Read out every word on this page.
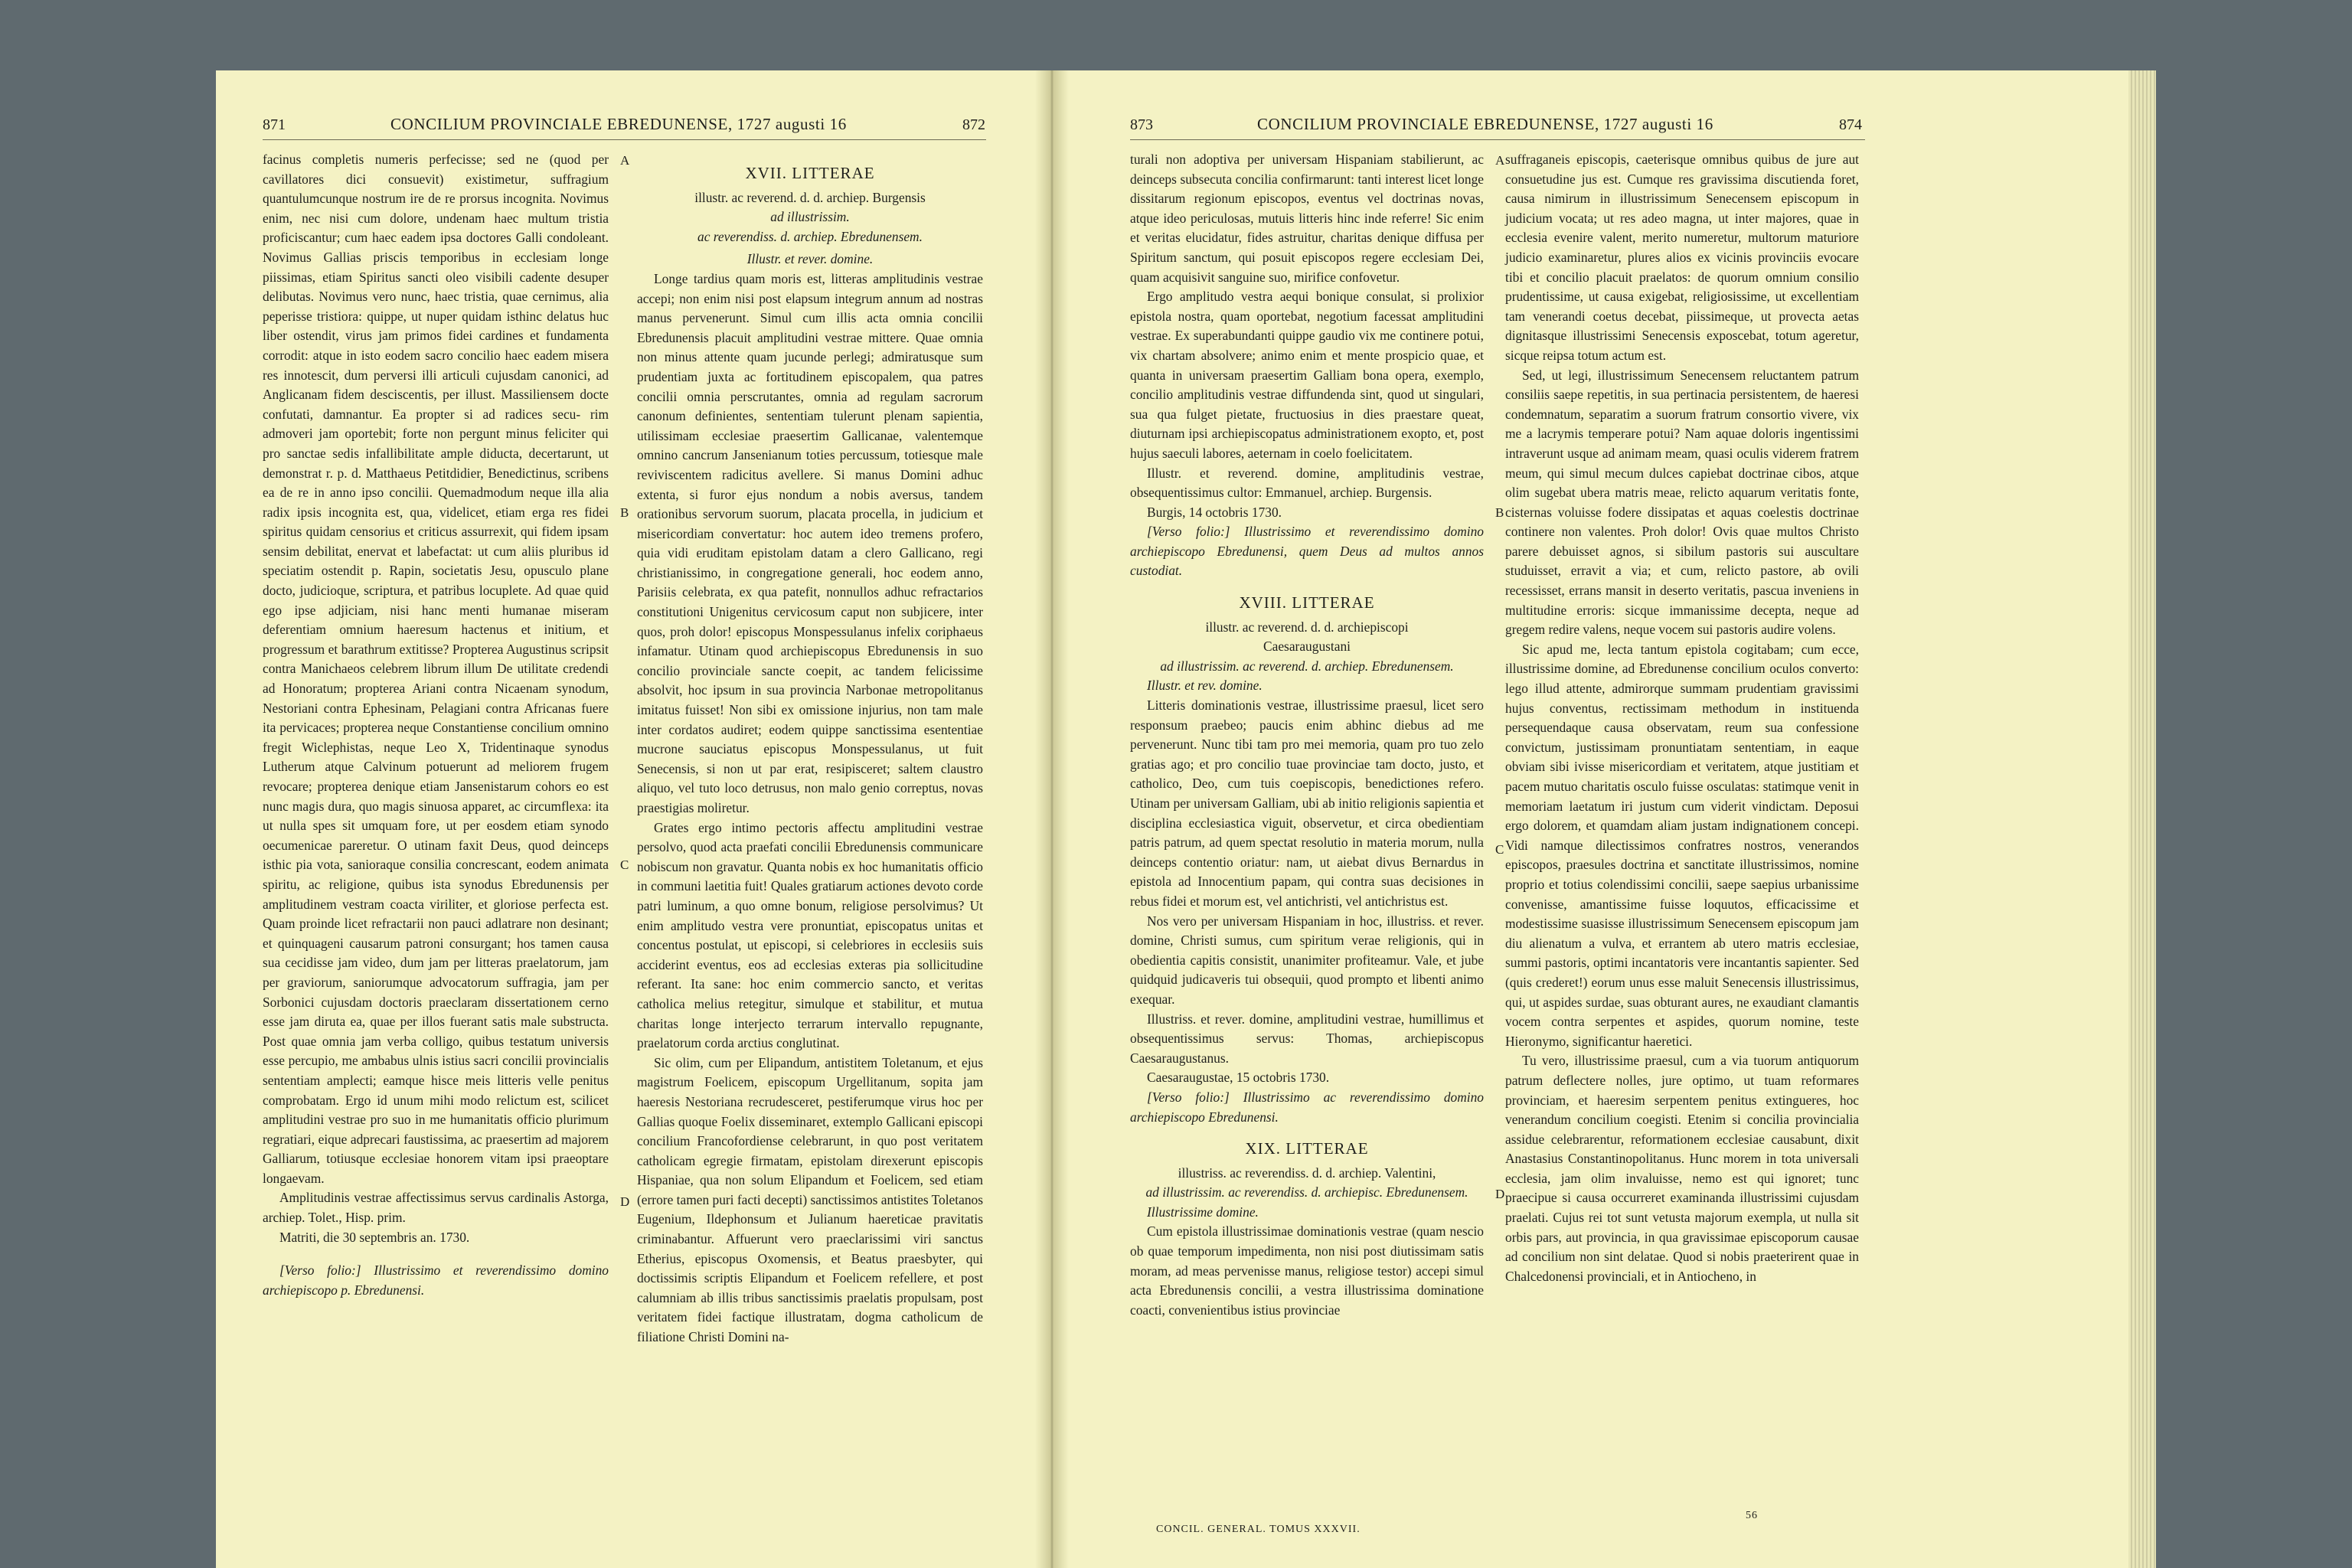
871	CONCILIUM PROVINCIALE EBREDUNENSE, 1727 augusti 16	872	873	CONCILIUM PROVINCIALE EBREDUNENSE, 1727 augusti 16	874

facinus completis numeris perfecisse; sed ne (quod per cavillatores dici consuevit) existimetur, suffragium quantulumcunque nostrum ire de re prorsus incognita. Novimus enim, nec nisi cum dolore, undenam haec multum tristia proficiscantur; cum haec eadem ipsa doctores Galli condoleant. Novimus Gallias priscis temporibus in ecclesiam longe piissimas, etiam Spiritus sancti oleo visibili cadente desuper delibutas. Novimus vero nunc, haec tristia, quae cernimus, alia peperisse tristiora: quippe, ut nuper quidam isthinc delatus huc liber ostendit, virus jam primos fidei cardines et fundamenta corrodit: atque in isto eodem sacro concilio haec eadem misera res innotescit, dum perversi illi articuli cujusdam canonici, ad Anglicanam fidem desciscentis, per illust. Massiliensem docte confutati, damnantur. Ea propter si ad radices secu- rim admoveri jam oportebit; forte non pergunt minus feliciter qui pro sanctae sedis infallibilitate ample diducta, decertarunt, ut demonstrat r. p. d. Matthaeus Petitdidier, Benedictinus, scribens ea de re in anno ipso concilii. Quemadmodum neque illa alia radix ipsis incognita est, qua, videlicet, etiam erga res fidei spiritus quidam censorius et criticus assurrexit, qui fidem ipsam sensim debilitat, enervat et labefactat: ut cum aliis pluribus id speciatim ostendit p. Rapin, societatis Jesu, opusculo plane docto, judicioque, scriptura, et patribus locuplete. Ad quae quid ego ipse adjiciam, nisi hanc menti humanae miseram deferentiam omnium haeresum hactenus et initium, et progressum et barathrum extitisse? Propterea Augustinus scripsit contra Manichaeos celebrem librum illum De utilitate credendi ad Honoratum; propterea Ariani contra Nicaenam synodum, Nestoriani contra Ephesinam, Pelagiani contra Africanas fuere ita pervicaces; propterea neque Constantiense concilium omnino fregit Wiclephistas, neque Leo X, Tridentinaque synodus Lutherum atque Calvinum potuerunt ad meliorem frugem revocare; propterea denique etiam Jansenistarum cohors eo est nunc magis dura, quo magis sinuosa apparet, ac circumflexa: ita ut nulla spes sit umquam fore, ut per eosdem etiam synodo oecumenicae pareretur. O utinam faxit Deus, quod deinceps isthic pia vota, sanioraque consilia concrescant, eodem animata spiritu, ac religione, quibus ista synodus Ebredunensis per amplitudinem vestram coacta viriliter, et gloriose perfecta est. Quam proinde licet refractarii non pauci adlatrare non desinant; et quinquageni causarum patroni consurgant; hos tamen causa sua cecidisse jam video, dum jam per litteras praelatorum, jam per graviorum, saniorumque advocatorum suffragia, jam per Sorbonici cujusdam doctoris praeclaram dissertationem cerno esse jam diruta ea, quae per illos fuerant satis male substructa. Post quae omnia jam verba colligo, quibus testatum universis esse percupio, me ambabus ulnis istius sacri concilii provincialis sententiam amplecti; eamque hisce meis litteris velle penitus comprobatam. Ergo id unum mihi modo relictum est, scilicet amplitudini vestrae pro suo in me humanitatis officio plurimum regratiari, eique adprecari faustissima, ac praesertim ad majorem Galliarum, totiusque ecclesiae honorem vitam ipsi praeoptare longaevam.

Amplitudinis vestrae affectissimus servus cardinalis Astorga, archiep. Tolet., Hisp. prim.

Matriti, die 30 septembris an. 1730.

[Verso folio:] Illustrissimo et reverendissimo domino archiepiscopo p. Ebredunensi.

XVII. LITTERAE

illustr. ac reverend. d. d. archiep. Burgensis

ad illustrissim.

ac reverendiss. d. archiep. Ebredunensem.

Illustr. et rever. domine.

Longe tardius quam moris est, litteras amplitudinis vestrae accepi; non enim nisi post elapsum integrum annum ad nostras manus pervenerunt. Simul cum illis acta omnia concilii Ebredunensis placuit amplitudini vestrae mittere. Quae omnia non minus attente quam jucunde perlegi; admiratusque sum prudentiam juxta ac fortitudinem episcopalem, qua patres concilii omnia perscrutantes, omnia ad regulam sacrorum canonum definientes, sententiam tulerunt plenam sapientia, utilissimam ecclesiae praesertim Gallicanae, valentemque omnino cancrum Jansenianum toties percussum, totiesque male reviviscentem radicitus avellere. Si manus Domini adhuc extenta, si furor ejus nondum a nobis aversus, tandem orationibus servorum suorum, placata procella, in judicium et misericordiam convertatur: hoc autem ideo tremens profero, quia vidi eruditam epistolam datam a clero Gallicano, regi christianissimo, in congregatione generali, hoc eodem anno, Parisiis celebrata, ex qua patefit, nonnullos adhuc refractarios constitutioni Unigenitus cervicosum caput non subjicere, inter quos, proh dolor! episcopus Monspessulanus infelix coriphaeus infamatur. Utinam quod archiepiscopus Ebredunensis in suo concilio provinciale sancte coepit, ac tandem felicissime absolvit, hoc ipsum in sua provincia Narbonae metropolitanus imitatus fuisset! Non sibi ex omissione injurius, non tam male inter cordatos audiret; eodem quippe sanctissima esententiae mucrone sauciatus episcopus Monspessulanus, ut fuit Senecensis, si non ut par erat, resipisceret; saltem claustro aliquo, vel tuto loco detrusus, non malo genio correptus, novas praestigias moliretur.

Grates ergo intimo pectoris affectu amplitudini vestrae persolvo, quod acta praefati concilii Ebredunensis communicare nobiscum non gravatur. Quanta nobis ex hoc humanitatis officio in communi laetitia fuit! Quales gratiarum actiones devoto corde patri luminum, a quo omne bonum, religiose persolvimus? Ut enim amplitudo vestra vere pronuntiat, episcopatus unitas et concentus postulat, ut episcopi, si celebriores in ecclesiis suis acciderint eventus, eos ad ecclesias exteras pia sollicitudine referant. Ita sane: hoc enim commercio sancto, et veritas catholica melius retegitur, simulque et stabilitur, et mutua charitas longe interjecto terrarum intervallo repugnante, praelatorum corda arctius conglutinat.

Sic olim, cum per Elipandum, antistitem Toletanum, et ejus magistrum Foelicem, episcopum Urgellitanum, sopita jam haeresis Nestoriana recrudesceret, pestiferumque virus hoc per Gallias quoque Foelix disseminaret, extemplo Gallicani episcopi concilium Francofordiense celebrarunt, in quo post veritatem catholicam egregie firmatam, epistolam direxerunt episcopis Hispaniae, qua non solum Elipandum et Foelicem, sed etiam (errore tamen puri facti decepti) sanctissimos antistites Toletanos Eugenium, Ildephonsum et Julianum haereticae pravitatis criminabantur. Affuerunt vero praeclarissimi viri sanctus Etherius, episcopus Oxomensis, et Beatus praesbyter, qui doctissimis scriptis Elipandum et Foelicem refellere, et post calumniam ab illis tribus sanctissimis praelatis propulsam, post veritatem fidei factique illustratam, dogma catholicum de filiatione Christi Domini na-

A
B
C
D

turali non adoptiva per universam Hispaniam stabilierunt, ac deinceps subsecuta concilia confirmarunt: tanti interest licet longe dissitarum regionum episcopos, eventus vel doctrinas novas, atque ideo periculosas, mutuis litteris hinc inde referre! Sic enim et veritas elucidatur, fides astruitur, charitas denique diffusa per Spiritum sanctum, qui posuit episcopos regere ecclesiam Dei, quam acquisivit sanguine suo, mirifice confovetur.

Ergo amplitudo vestra aequi bonique consulat, si prolixior epistola nostra, quam oportebat, negotium facessat amplitudini vestrae. Ex superabundanti quippe gaudio vix me continere potui, vix chartam absolvere; animo enim et mente prospicio quae, et quanta in universam praesertim Galliam bona opera, exemplo, concilio amplitudinis vestrae diffundenda sint, quod ut singulari, sua qua fulget pietate, fructuosius in dies praestare queat, diuturnam ipsi archiepiscopatus administrationem exopto, et, post hujus saeculi labores, aeternam in coelo foelicitatem.

Illustr. et reverend. domine, amplitudinis vestrae, obsequentissimus cultor: Emmanuel, archiep. Burgensis.

Burgis, 14 octobris 1730.

[Verso folio:] Illustrissimo et reverendissimo domino archiepiscopo Ebredunensi, quem Deus ad multos annos custodiat.

XVIII. LITTERAE

illustr. ac reverend. d. d. archiepiscopi

Caesaraugustani

ad illustrissim. ac reverend. d. archiep. Ebredunensem.

Illustr. et rev. domine.

Litteris dominationis vestrae, illustrissime praesul, licet sero responsum praebeo; paucis enim abhinc diebus ad me pervenerunt. Nunc tibi tam pro mei memoria, quam pro tuo zelo gratias ago; et pro concilio tuae provinciae tam docto, justo, et catholico, Deo, cum tuis coepiscopis, benedictiones refero. Utinam per universam Galliam, ubi ab initio religionis sapientia et disciplina ecclesiastica viguit, observetur, et circa obedientiam patris patrum, ad quem spectat resolutio in materia morum, nulla deinceps contentio oriatur: nam, ut aiebat divus Bernardus in epistola ad Innocentium papam, qui contra suas decisiones in rebus fidei et morum est, vel antichristi, vel antichristus est.

Nos vero per universam Hispaniam in hoc, illustriss. et rever. domine, Christi sumus, cum spiritum verae religionis, qui in obedientia capitis consistit, unanimiter profiteamur. Vale, et jube quidquid judicaveris tui obsequii, quod prompto et libenti animo exequar.

Illustriss. et rever. domine, amplitudini vestrae, humillimus et obsequentissimus servus: Thomas, archiepiscopus Caesaraugustanus.

Caesaraugustae, 15 octobris 1730.

[Verso folio:] Illustrissimo ac reverendissimo domino archiepiscopo Ebredunensi.

XIX. LITTERAE

illustriss. ac reverendiss. d. d. archiep. Valentini,

ad illustrissim. ac reverendiss. d. archiepisc. Ebredunensem.

Illustrissime domine.

Cum epistola illustrissimae dominationis vestrae (quam nescio ob quae temporum impedimenta, non nisi post diutissimam satis moram, ad meas pervenisse manus, religiose testor) accepi simul acta Ebredunensis concilii, a vestra illustrissima dominatione coacti, convenientibus istius provinciae

A
B
C
D

suffraganeis episcopis, caeterisque omnibus quibus de jure aut consuetudine jus est. Cumque res gravissima discutienda foret, causa nimirum in illustrissimum Senecensem episcopum in judicium vocata; ut res adeo magna, ut inter majores, quae in ecclesia evenire valent, merito numeretur, multorum maturiore judicio examinaretur, plures alios ex vicinis provinciis evocare tibi et concilio placuit praelatos: de quorum omnium consilio prudentissime, ut causa exigebat, religiosissime, ut excellentiam tam venerandi coetus decebat, piissimeque, ut provecta aetas dignitasque illustrissimi Senecensis exposcebat, totum ageretur, sicque reipsa totum actum est.

Sed, ut legi, illustrissimum Senecensem reluctantem patrum consiliis saepe repetitis, in sua pertinacia persistentem, de haeresi condemnatum, separatim a suorum fratrum consortio vivere, vix me a lacrymis temperare potui? Nam aquae doloris ingentissimi intraverunt usque ad animam meam, quasi oculis viderem fratrem meum, qui simul mecum dulces capiebat doctrinae cibos, atque olim sugebat ubera matris meae, relicto aquarum veritatis fonte, cisternas voluisse fodere dissipatas et aquas coelestis doctrinae continere non valentes. Proh dolor! Ovis quae multos Christo parere debuisset agnos, si sibilum pastoris sui auscultare studuisset, erravit a via; et cum, relicto pastore, ab ovili recessisset, errans mansit in deserto veritatis, pascua inveniens in multitudine erroris: sicque immanissime decepta, neque ad gregem redire valens, neque vocem sui pastoris audire volens.

Sic apud me, lecta tantum epistola cogitabam; cum ecce, illustrissime domine, ad Ebredunense concilium oculos converto: lego illud attente, admirorque summam prudentiam gravissimi hujus conventus, rectissimam methodum in instituenda persequendaque causa observatam, reum sua confessione convictum, justissimam pronuntiatam sententiam, in eaque obviam sibi ivisse misericordiam et veritatem, atque justitiam et pacem mutuo charitatis osculo fuisse osculatas: statimque venit in memoriam laetatum iri justum cum viderit vindictam. Deposui ergo dolorem, et quamdam aliam justam indignationem concepi. Vidi namque dilectissimos confratres nostros, venerandos episcopos, praesules doctrina et sanctitate illustrissimos, nomine proprio et totius colendissimi concilii, saepe saepius urbanissime convenisse, amantissime fuisse loquutos, efficacissime et modestissime suasisse illustrissimum Senecensem episcopum jam diu alienatum a vulva, et errantem ab utero matris ecclesiae, summi pastoris, optimi incantatoris vere incantantis sapienter. Sed (quis crederet!) eorum unus esse maluit Senecensis illustrissimus, qui, ut aspides surdae, suas obturant aures, ne exaudiant clamantis vocem contra serpentes et aspides, quorum nomine, teste Hieronymo, significantur haeretici.

Tu vero, illustrissime praesul, cum a via tuorum antiquorum patrum deflectere nolles, jure optimo, ut tuam reformares provinciam, et haeresim serpentem penitus extingueres, hoc venerandum concilium coegisti. Etenim si concilia provincialia assidue celebrarentur, reformationem ecclesiae causabunt, dixit Anastasius Constantinopolitanus. Hunc morem in tota universali ecclesia, jam olim invaluisse, nemo est qui ignoret; tunc praecipue si causa occurreret examinanda illustrissimi cujusdam praelati. Cujus rei tot sunt vetusta majorum exempla, ut nulla sit orbis pars, aut provincia, in qua gravissimae episcoporum causae ad concilium non sint delatae. Quod si nobis praeterirent quae in Chalcedonensi provinciali, et in Antiocheno, in

CONCIL. GENERAL. TOMUS XXXVII.
56
